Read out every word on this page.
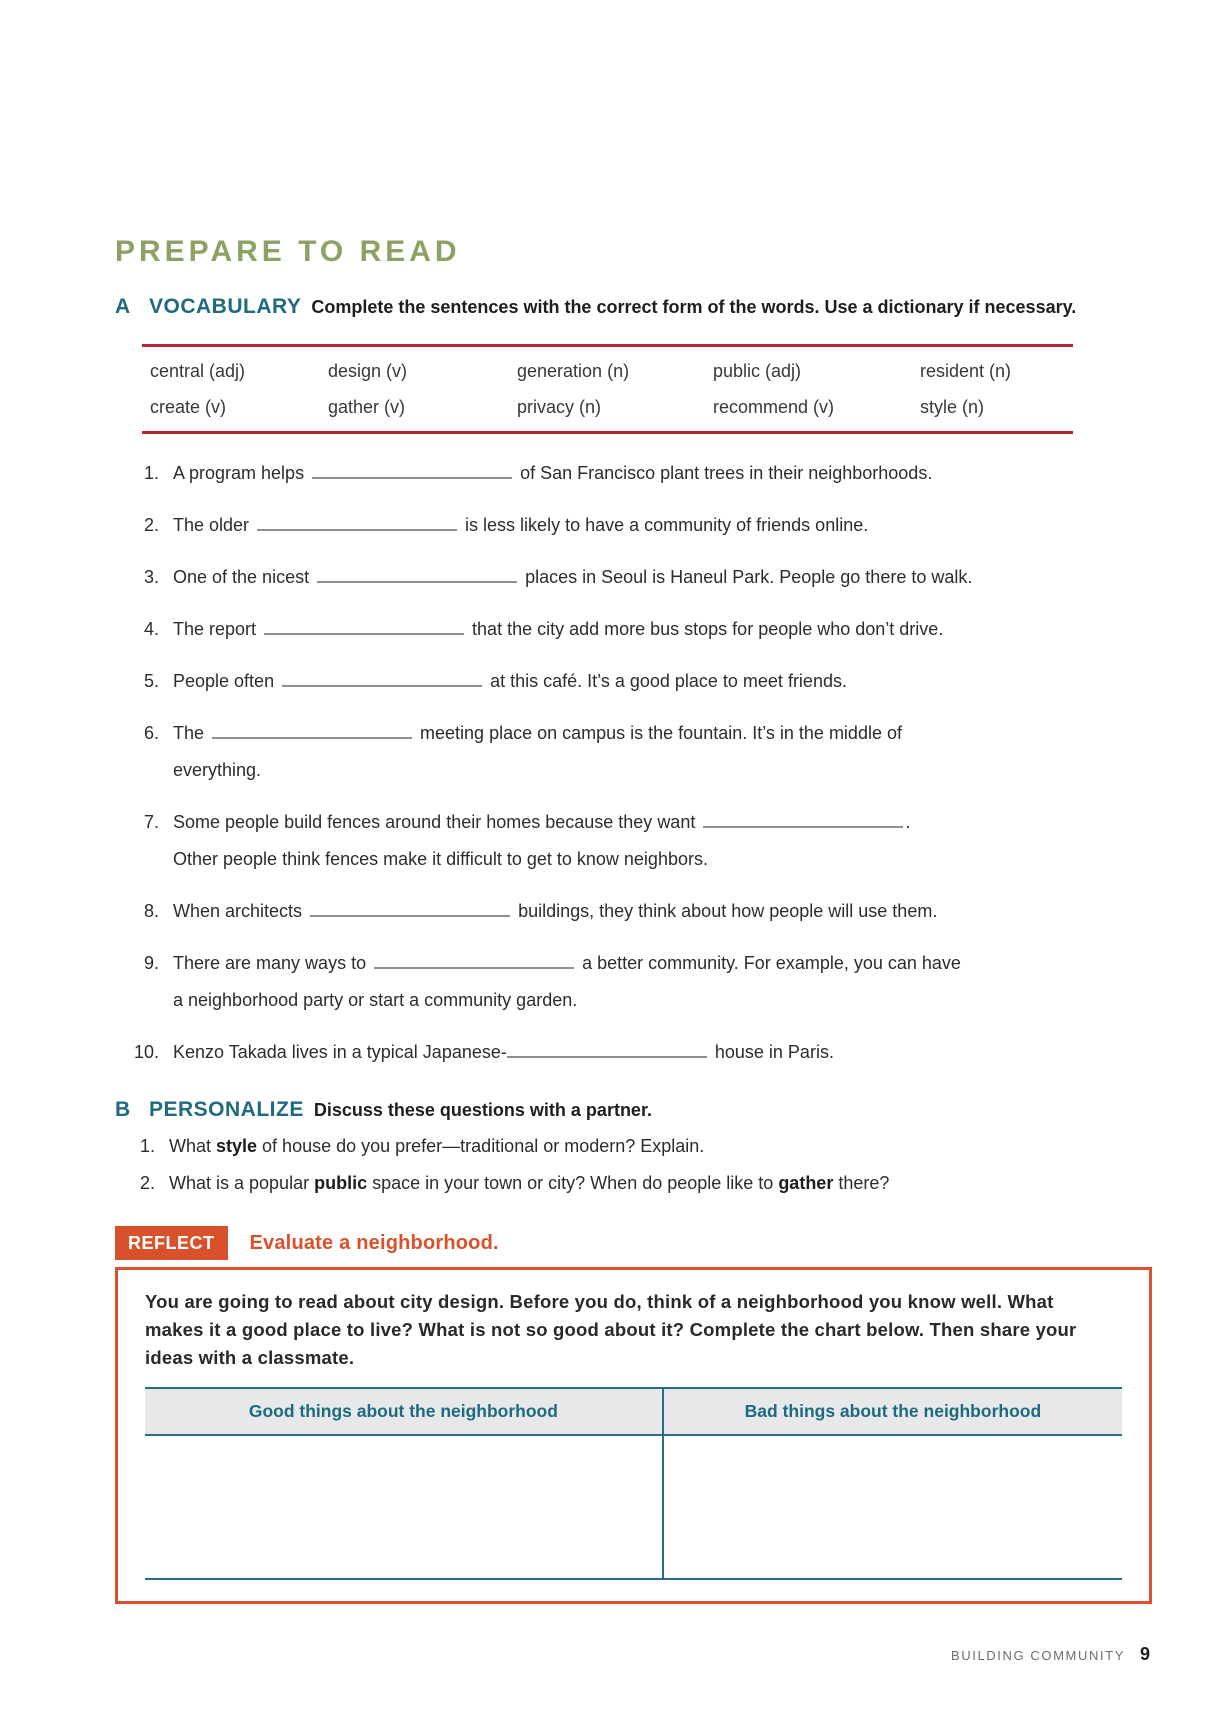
PREPARE TO READ
A VOCABULARY Complete the sentences with the correct form of the words. Use a dictionary if necessary.
central (adj)	design (v)	generation (n)	public (adj)	resident (n)
create (v)	gather (v)	privacy (n)	recommend (v)	style (n)
1. A program helps	of San Francisco plant trees in their neighborhoods.
2. The older	is less likely to have a community of friends online.
3. One of the nicest	places in Seoul is Haneul Park. People go there to walk.
4. The report	that the city add more bus stops for people who don’t drive.
5. People often	at this café. It’s a good place to meet friends.
6. The	meeting place on campus is the fountain. It’s in the middle of
everything.
7. Some people build fences around their homes because they want	.
Other people think fences make it difficult to get to know neighbors.
8. When architects	buildings, they think about how people will use them.
9. There are many ways to	a better community. For example, you can have
a neighborhood party or start a community garden.
10. Kenzo Takada lives in a typical Japanese-	house in Paris.
B PERSONALIZE Discuss these questions with a partner.
1. What style of house do you prefer—traditional or modern? Explain.
2. What is a popular public space in your town or city? When do people like to gather there?
REFLECT	Evaluate a neighborhood.

You are going to read about city design. Before you do, think of a neighborhood you know well. What makes it a good place to live? What is not so good about it? Complete the chart below. Then share your ideas with a classmate.

Good things about the neighborhood	Bad things about the neighborhood

BUILDING COMMUNITY 9
